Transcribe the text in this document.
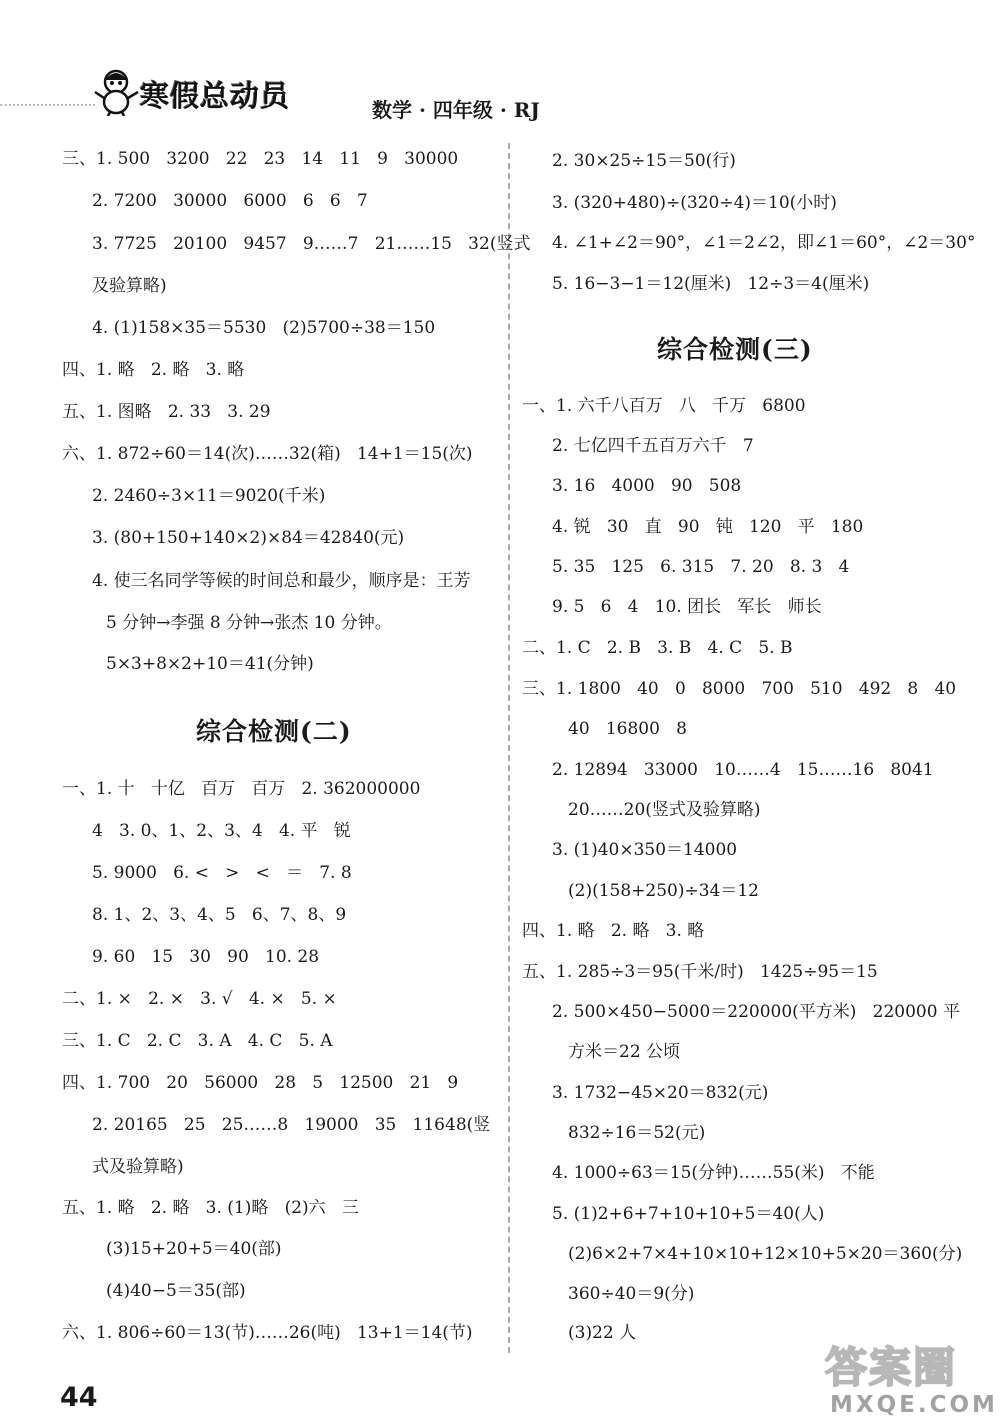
寒假总动员	数学 · 四年级 · RJ
三、1. 500   3200   22   23   14   11   9   30000
2. 7200   30000   6000   6   6   7
3. 7725   20100   9457   9……7   21……15   32(竖式
及验算略)
4. (1)158×35＝5530   (2)5700÷38＝150
四、1. 略   2. 略   3. 略
五、1. 图略   2. 33   3. 29
六、1. 872÷60＝14(次)……32(箱)   14+1＝15(次)
2. 2460÷3×11＝9020(千米)
3. (80+150+140×2)×84＝42840(元)
4. 使三名同学等候的时间总和最少，顺序是：王芳
5 分钟→李强 8 分钟→张杰 10 分钟。
5×3+8×2+10＝41(分钟)
综合检测(二)
一、1. 十   十亿   百万   百万   2. 362000000
4   3. 0、1、2、3、4   4. 平   锐
5. 9000   6. <   >   <   ＝   7. 8
8. 1、2、3、4、5   6、7、8、9
9. 60   15   30   90   10. 28
二、1. ×   2. ×   3. √   4. ×   5. ×
三、1. C   2. C   3. A   4. C   5. A
四、1. 700   20   56000   28   5   12500   21   9
2. 20165   25   25……8   19000   35   11648(竖
式及验算略)
五、1. 略   2. 略   3. (1)略   (2)六   三
(3)15+20+5＝40(部)
(4)40−5＝35(部)
六、1. 806÷60＝13(节)……26(吨)   13+1＝14(节)
2. 30×25÷15＝50(行)
3. (320+480)÷(320÷4)＝10(小时)
4. ∠1+∠2＝90°，∠1＝2∠2，即∠1＝60°，∠2＝30°
5. 16−3−1＝12(厘米)   12÷3＝4(厘米)
综合检测(三)
一、1. 六千八百万   八   千万   6800
2. 七亿四千五百万六千   7
3. 16   4000   90   508
4. 锐   30   直   90   钝   120   平   180
5. 35   125   6. 315   7. 20   8. 3   4
9. 5   6   4   10. 团长   军长   师长
二、1. C   2. B   3. B   4. C   5. B
三、1. 1800   40   0   8000   700   510   492   8   40
40   16800   8
2. 12894   33000   10……4   15……16   8041
20……20(竖式及验算略)
3. (1)40×350＝14000
(2)(158+250)÷34＝12
四、1. 略   2. 略   3. 略
五、1. 285÷3＝95(千米/时)   1425÷95＝15
2. 500×450−5000＝220000(平方米)   220000 平
方米＝22 公顷
3. 1732−45×20＝832(元)
832÷16＝52(元)
4. 1000÷63＝15(分钟)……55(米)   不能
5. (1)2+6+7+10+10+5＝40(人)
(2)6×2+7×4+10×10+12×10+5×20＝360(分)
360÷40＝9(分)
(3)22 人
44
答案圈
MXQE.COM
